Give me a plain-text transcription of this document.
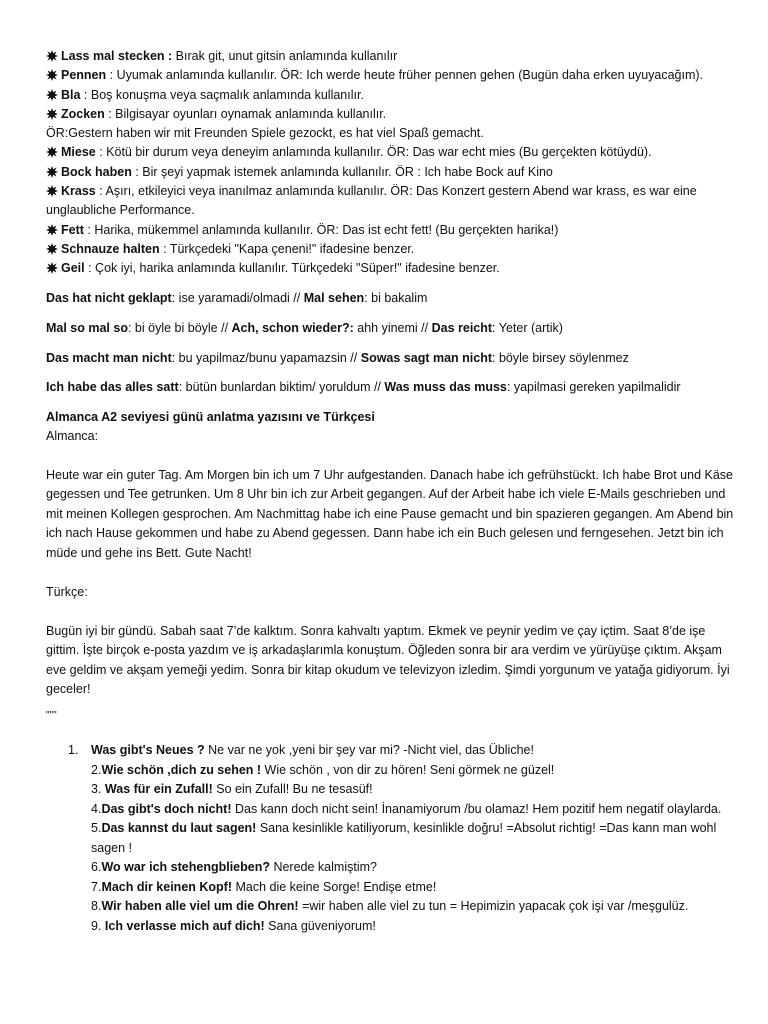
Lass mal stecken : Bırak git, unut gitsin anlamında kullanılır
Pennen : Uyumak anlamında kullanılır. ÖR: Ich werde heute früher pennen gehen (Bugün daha erken uyuyacağım).
Bla : Boş konuşma veya saçmalık anlamında kullanılır.
Zocken : Bilgisayar oyunları oynamak anlamında kullanılır.
ÖR:Gestern haben wir mit Freunden Spiele gezockt, es hat viel Spaß gemacht.
Miese : Kötü bir durum veya deneyim anlamında kullanılır. ÖR: Das war echt mies (Bu gerçekten kötüydü).
Bock haben : Bir şeyi yapmak istemek anlamında kullanılır. ÖR : Ich habe Bock auf Kino
Krass : Aşırı, etkileyici veya inanılmaz anlamında kullanılır. ÖR: Das Konzert gestern Abend war krass, es war eine unglaubliche Performance.
Fett : Harika, mükemmel anlamında kullanılır. ÖR: Das ist echt fett! (Bu gerçekten harika!)
Schnauze halten : Türkçedeki "Kapa çeneni!" ifadesine benzer.
Geil : Çok iyi, harika anlamında kullanılır. Türkçedeki "Süper!" ifadesine benzer.
Das hat nicht geklapt: ise yaramadi/olmadi // Mal sehen: bi bakalim
Mal so mal so: bi öyle bi böyle // Ach, schon wieder?: ahh yinemi // Das reicht: Yeter (artik)
Das macht man nicht: bu yapilmaz/bunu yapamazsin // Sowas sagt man nicht: böyle birsey söylenmez
Ich habe das alles satt: bütün bunlardan biktim/ yoruldum // Was muss das muss: yapilmasi gereken yapilmalidir
Almanca A2 seviyesi günü anlatma yazısını ve Türkçesi
Almanca:
Heute war ein guter Tag. Am Morgen bin ich um 7 Uhr aufgestanden. Danach habe ich gefrühstückt. Ich habe Brot und Käse gegessen und Tee getrunken. Um 8 Uhr bin ich zur Arbeit gegangen. Auf der Arbeit habe ich viele E-Mails geschrieben und mit meinen Kollegen gesprochen. Am Nachmittag habe ich eine Pause gemacht und bin spazieren gegangen. Am Abend bin ich nach Hause gekommen und habe zu Abend gegessen. Dann habe ich ein Buch gelesen und ferngesehen. Jetzt bin ich müde und gehe ins Bett. Gute Nacht!
Türkçe:
Bugün iyi bir gündü. Sabah saat 7’de kalktım. Sonra kahvaltı yaptım. Ekmek ve peynir yedim ve çay içtim. Saat 8’de işe gittim. İşte birçok e-posta yazdım ve iş arkadaşlarımla konuştum. Öğleden sonra bir ara verdim ve yürüyüşe çıktım. Akşam eve geldim ve akşam yemeği yedim. Sonra bir kitap okudum ve televizyon izledim. Şimdi yorgunum ve yatağa gidiyorum. İyi geceler!
"""
1. Was gibt's Neues ? Ne var ne yok ,yeni bir şey var mi? -Nicht viel, das Übliche!
2.Wie schön ,dich zu sehen ! Wie schön , von dir zu hören! Seni görmek ne güzel!
3. Was für ein Zufall! So ein Zufall! Bu ne tesasüf!
4.Das gibt's doch nicht! Das kann doch nicht sein! İnanamiyorum /bu olamaz! Hem pozitif hem negatif olaylarda.
5.Das kannst du laut sagen! Sana kesinlikle katiliyorum, kesinlikle doğru! =Absolut richtig! =Das kann man wohl sagen !
6.Wo war ich stehengblieben? Nerede kalmiştim?
7.Mach dir keinen Kopf! Mach die keine Sorge! Endişe etme!
8.Wir haben alle viel um die Ohren! =wir haben alle viel zu tun = Hepimizin yapacak çok işi var /meşgulüz.
9. Ich verlasse mich auf dich! Sana güveniyorum!
